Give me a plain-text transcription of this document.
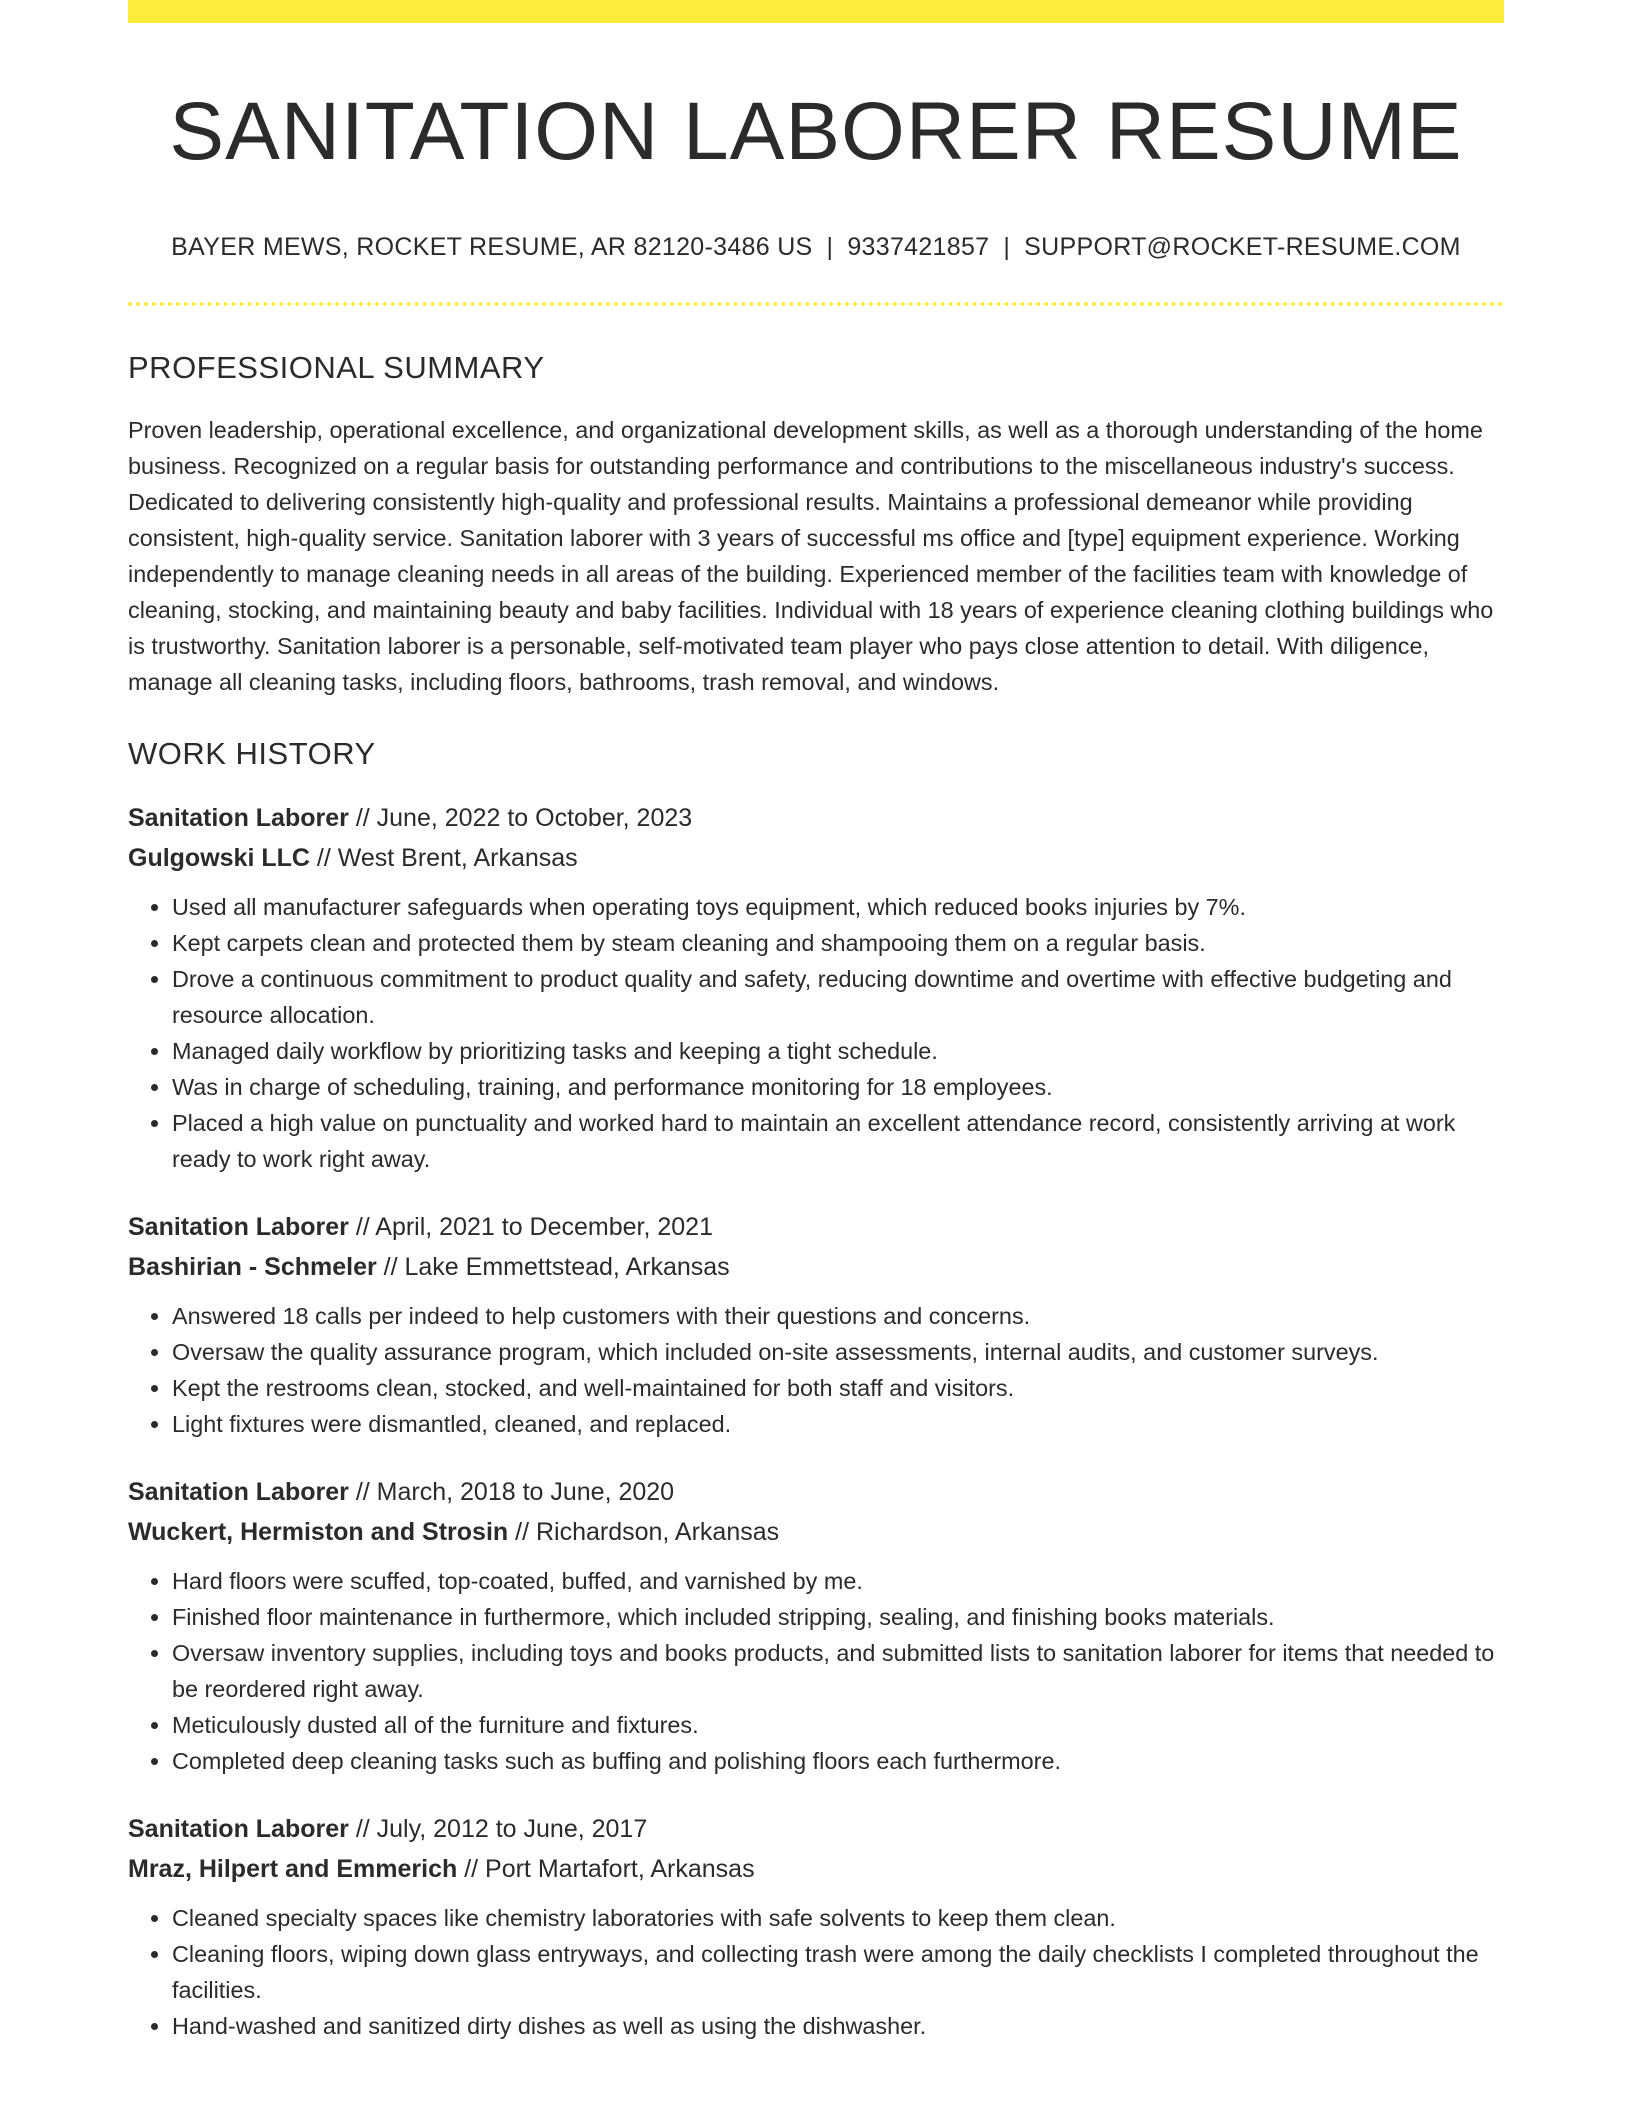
SANITATION LABORER RESUME
BAYER MEWS, ROCKET RESUME, AR 82120-3486 US | 9337421857 | SUPPORT@ROCKET-RESUME.COM
PROFESSIONAL SUMMARY

Proven leadership, operational excellence, and organizational development skills, as well as a thorough understanding of the home business. Recognized on a regular basis for outstanding performance and contributions to the miscellaneous industry's success. Dedicated to delivering consistently high-quality and professional results. Maintains a professional demeanor while providing consistent, high-quality service. Sanitation laborer with 3 years of successful ms office and [type] equipment experience. Working independently to manage cleaning needs in all areas of the building. Experienced member of the facilities team with knowledge of cleaning, stocking, and maintaining beauty and baby facilities. Individual with 18 years of experience cleaning clothing buildings who is trustworthy. Sanitation laborer is a personable, self-motivated team player who pays close attention to detail. With diligence, manage all cleaning tasks, including floors, bathrooms, trash removal, and windows.

WORK HISTORY
Sanitation Laborer // June, 2022 to October, 2023
Gulgowski LLC // West Brent, Arkansas
• Used all manufacturer safeguards when operating toys equipment, which reduced books injuries by 7%.
• Kept carpets clean and protected them by steam cleaning and shampooing them on a regular basis.
• Drove a continuous commitment to product quality and safety, reducing downtime and overtime with effective budgeting and resource allocation.
• Managed daily workflow by prioritizing tasks and keeping a tight schedule.
• Was in charge of scheduling, training, and performance monitoring for 18 employees.
• Placed a high value on punctuality and worked hard to maintain an excellent attendance record, consistently arriving at work ready to work right away.
Sanitation Laborer // April, 2021 to December, 2021
Bashirian - Schmeler // Lake Emmettstead, Arkansas
• Answered 18 calls per indeed to help customers with their questions and concerns.
• Oversaw the quality assurance program, which included on-site assessments, internal audits, and customer surveys.
• Kept the restrooms clean, stocked, and well-maintained for both staff and visitors.
• Light fixtures were dismantled, cleaned, and replaced.
Sanitation Laborer // March, 2018 to June, 2020
Wuckert, Hermiston and Strosin // Richardson, Arkansas
• Hard floors were scuffed, top-coated, buffed, and varnished by me.
• Finished floor maintenance in furthermore, which included stripping, sealing, and finishing books materials.
• Oversaw inventory supplies, including toys and books products, and submitted lists to sanitation laborer for items that needed to be reordered right away.
• Meticulously dusted all of the furniture and fixtures.
• Completed deep cleaning tasks such as buffing and polishing floors each furthermore.
Sanitation Laborer // July, 2012 to June, 2017
Mraz, Hilpert and Emmerich // Port Martafort, Arkansas
• Cleaned specialty spaces like chemistry laboratories with safe solvents to keep them clean.
• Cleaning floors, wiping down glass entryways, and collecting trash were among the daily checklists I completed throughout the facilities.
• Hand-washed and sanitized dirty dishes as well as using the dishwasher.
